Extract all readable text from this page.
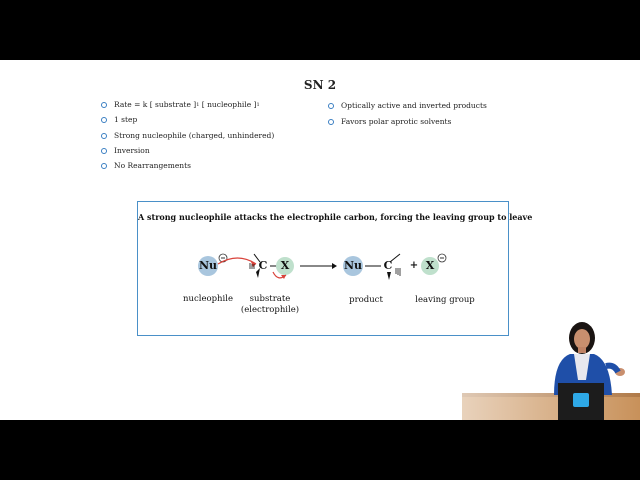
SN 2
Rate = k [ substrate ] 1
[ nucleophile ] 1
1 step
Strong nucleophile (charged, unhindered)
Inversion
No Rearrangements
Optically active and inverted products
Favors polar aprotic solvents
A strong nucleophile attacks the electrophile carbon, forcing the leaving group to leave
Nu	C X	Nu C + X
nucleophile	substrate
(electrophile)
product	leaving group
